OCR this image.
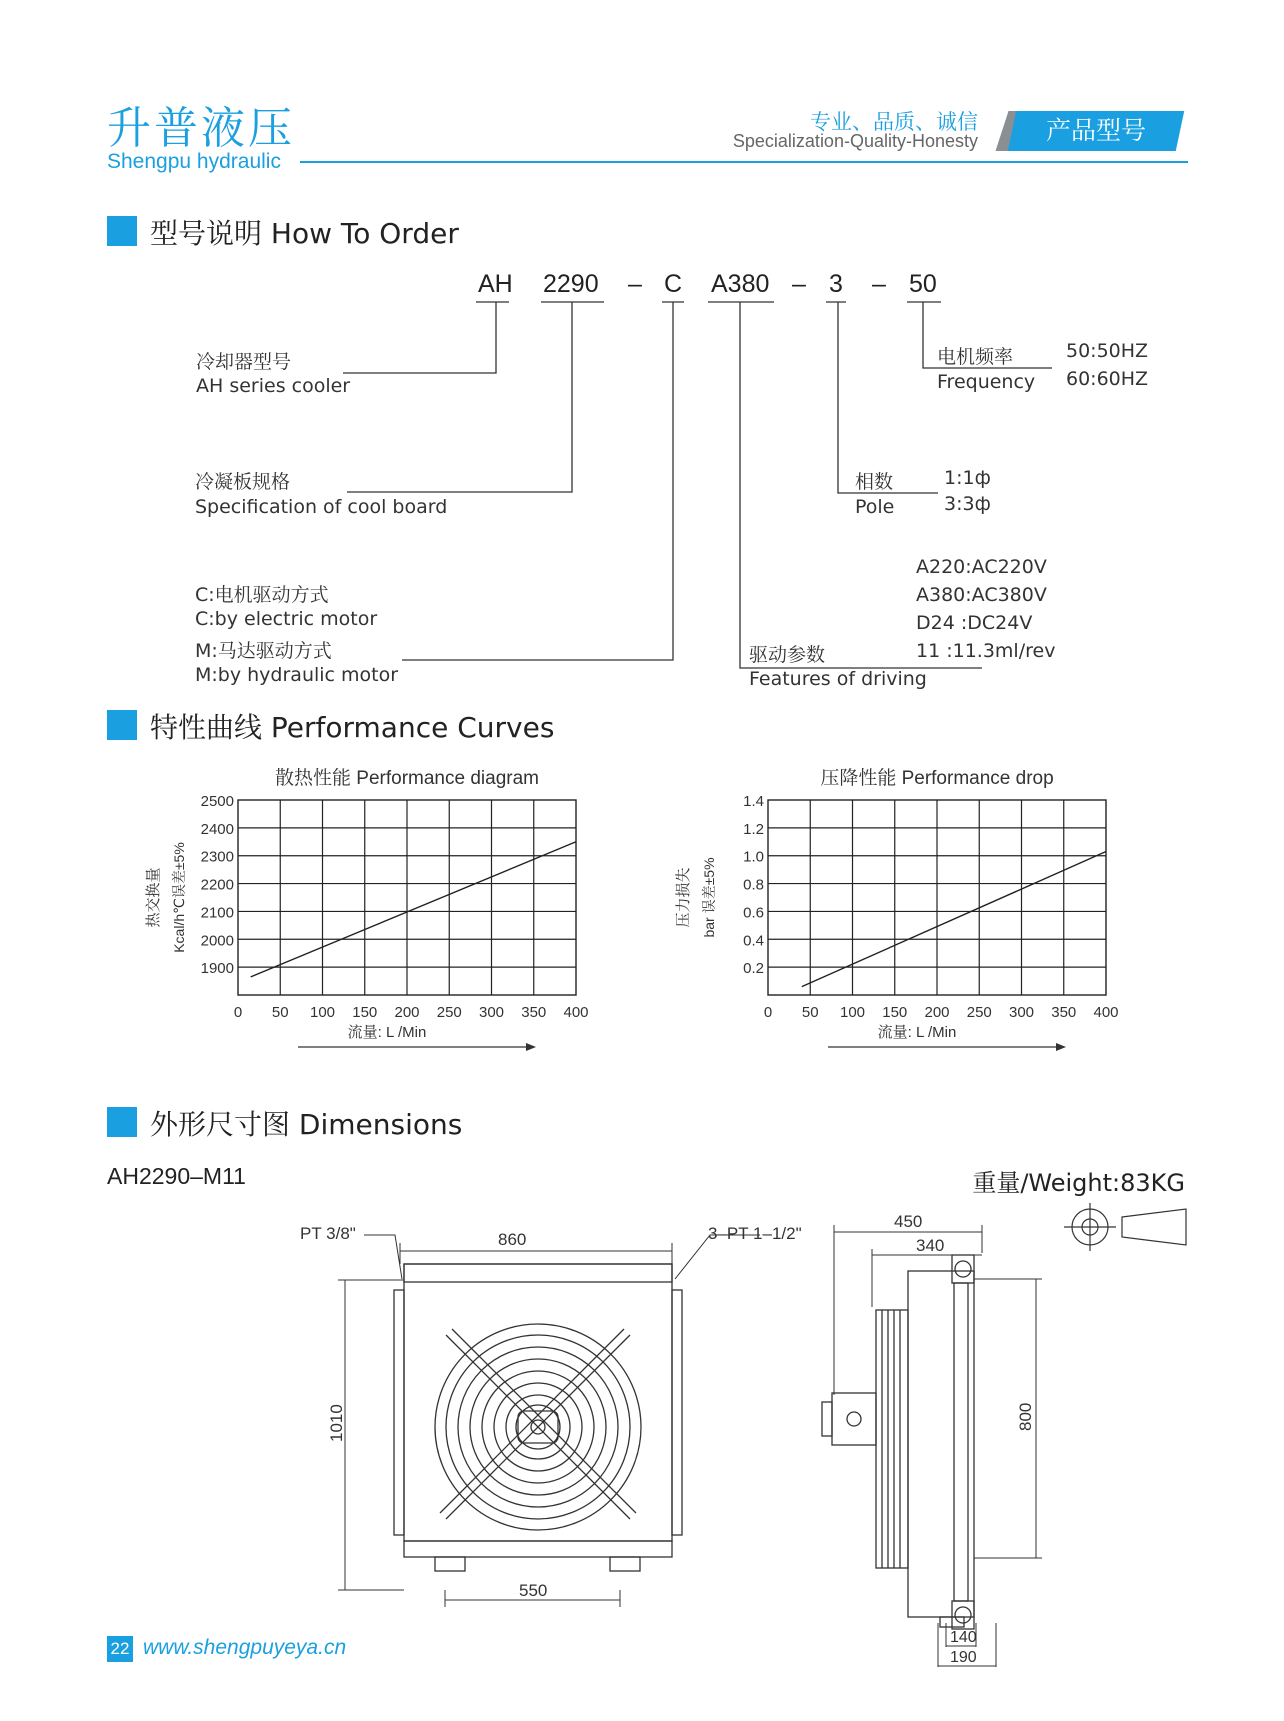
升普液压
Shengpu hydraulic
专业、品质、诚信
Specialization-Quality-Honesty	产品型号
型号说明 How To Order
AH 2290 – C A380 – 3 – 50
冷却器型号
AH series cooler
冷凝板规格
Specification of cool board
C:电机驱动方式
C:by electric motor
M:马达驱动方式
M:by hydraulic motor
驱动参数
Features of driving
A220:AC220V
A380:AC380V
D24 :DC24V
11 :11.3ml/rev
相数
Pole
1:1ф
3:3ф
电机频率
Frequency
50:50HZ
60:60HZ
特性曲线 Performance Curves
散热性能 Performance diagram
1900
2000
2100
2200
2300
2400
2500
0 50 100 150 200 250 300 350 400
流量: L /Min
热交换量 Kcal/h℃误差±5%
压降性能 Performance drop
0.2
0.4
0.6
0.8
1.0
1.2
1.4
0 50 100 150 200 250 300 350 400
流量: L /Min
压力损失 bar 误差±5%
外形尺寸图 Dimensions
AH2290–M11	重量/Weight:83KG
PT 3/8"	860	3–PT 1–1/2"
1010
550
450
340
800
140
190
22 www.shengpuyeya.cn
